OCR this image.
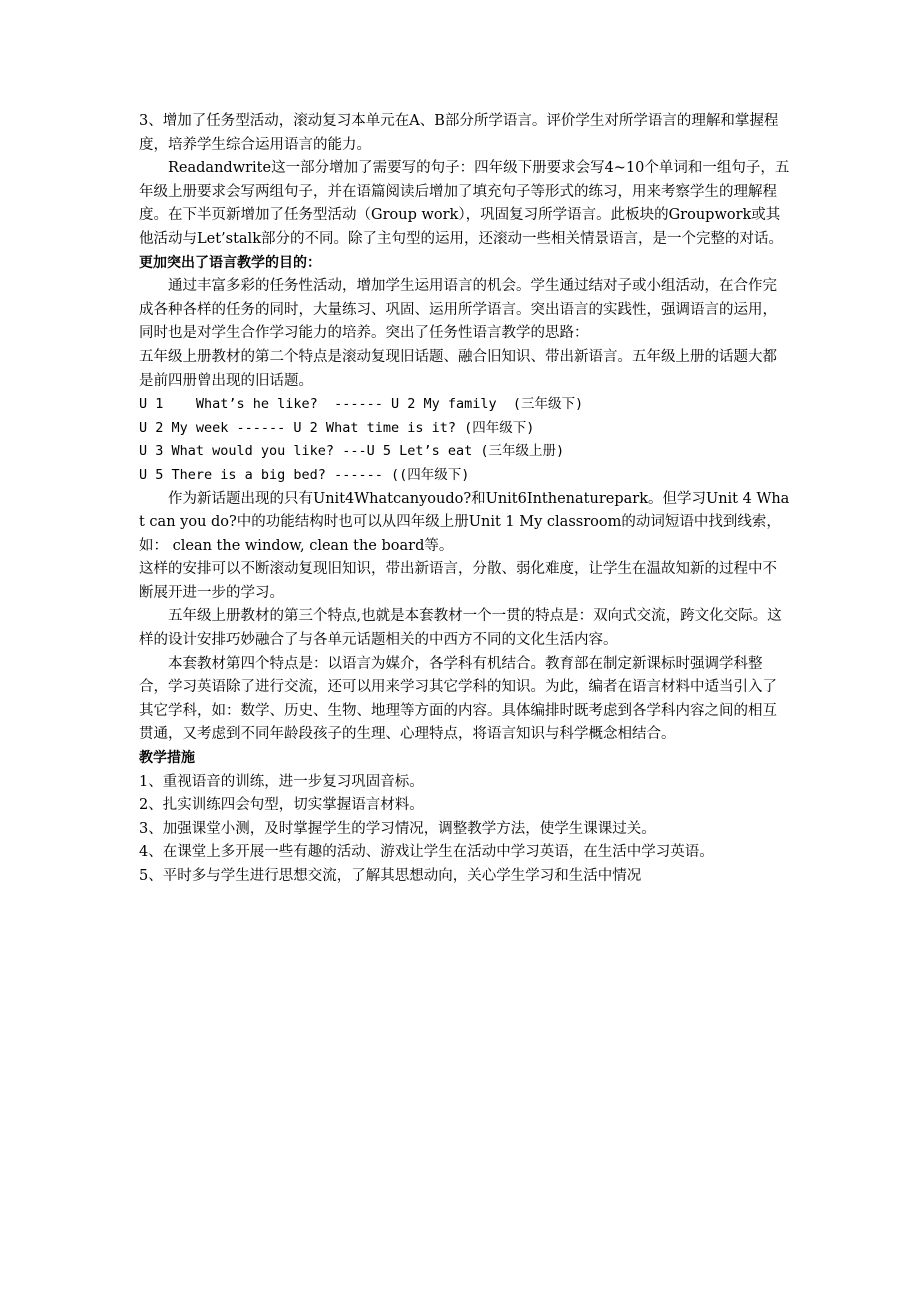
3、增加了任务型活动，滚动复习本单元在A、B部分所学语言。评价学生对所学语言的理解和掌握程度，培养学生综合运用语言的能力。

Readandwrite这一部分增加了需要写的句子：四年级下册要求会写4~10个单词和一组句子，五年级上册要求会写两组句子，并在语篇阅读后增加了填充句子等形式的练习，用来考察学生的理解程度。在下半页新增加了任务型活动（Group work），巩固复习所学语言。此板块的Groupwork或其他活动与Let’stalk部分的不同。除了主句型的运用，还滚动一些相关情景语言，是一个完整的对话。

更加突出了语言教学的目的：

通过丰富多彩的任务性活动，增加学生运用语言的机会。学生通过结对子或小组活动，在合作完成各种各样的任务的同时，大量练习、巩固、运用所学语言。突出语言的实践性，强调语言的运用，同时也是对学生合作学习能力的培养。突出了任务性语言教学的思路：

五年级上册教材的第二个特点是滚动复现旧话题、融合旧知识、带出新语言。五年级上册的话题大都是前四册曾出现的旧话题。

U 1    What’s he like?  ------ U 2 My family  (三年级下)

U 2 My week ------ U 2 What time is it? (四年级下)

U 3 What would you like? ---U 5 Let’s eat (三年级上册)

U 5 There is a big bed? ------ ((四年级下)

作为新话题出现的只有Unit4Whatcanyoudo?和Unit6Inthenaturepark。但学习Unit 4 What can you do?中的功能结构时也可以从四年级上册Unit 1 My classroom的动词短语中找到线索，如： clean the window, clean the board等。

这样的安排可以不断滚动复现旧知识，带出新语言，分散、弱化难度，让学生在温故知新的过程中不断展开进一步的学习。

五年级上册教材的第三个特点,也就是本套教材一个一贯的特点是：双向式交流，跨文化交际。这样的设计安排巧妙融合了与各单元话题相关的中西方不同的文化生活内容。

本套教材第四个特点是：以语言为媒介，各学科有机结合。教育部在制定新课标时强调学科整合，学习英语除了进行交流，还可以用来学习其它学科的知识。为此，编者在语言材料中适当引入了其它学科，如：数学、历史、生物、地理等方面的内容。具体编排时既考虑到各学科内容之间的相互贯通，又考虑到不同年龄段孩子的生理、心理特点，将语言知识与科学概念相结合。

教学措施

1、重视语音的训练，进一步复习巩固音标。

2、扎实训练四会句型，切实掌握语言材料。

3、加强课堂小测，及时掌握学生的学习情况，调整教学方法，使学生课课过关。

4、在课堂上多开展一些有趣的活动、游戏让学生在活动中学习英语，在生活中学习英语。

5、平时多与学生进行思想交流，了解其思想动向，关心学生学习和生活中情况
